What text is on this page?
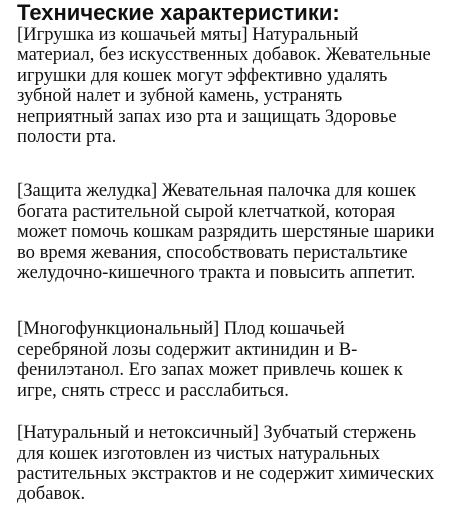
Технические характеристики:

[Игрушка из кошачьей мяты] Натуральный материал, без искусственных добавок. Жевательные игрушки для кошек могут эффективно удалять зубной налет и зубной камень, устранять неприятный запах изо рта и защищать Здоровье полости рта.

[Защита желудка] Жевательная палочка для кошек богата растительной сырой клетчаткой, которая может помочь кошкам разрядить шерстяные шарики во время жевания, способствовать перистальтике желудочно-кишечного тракта и повысить аппетит.

[Многофункциональный] Плод кошачьей серебряной лозы содержит актинидин и В-фенилэтанол. Его запах может привлечь кошек к игре, снять стресс и расслабиться.

[Натуральный и нетоксичный] Зубчатый стержень для кошек изготовлен из чистых натуральных растительных экстрактов и не содержит химических добавок.
